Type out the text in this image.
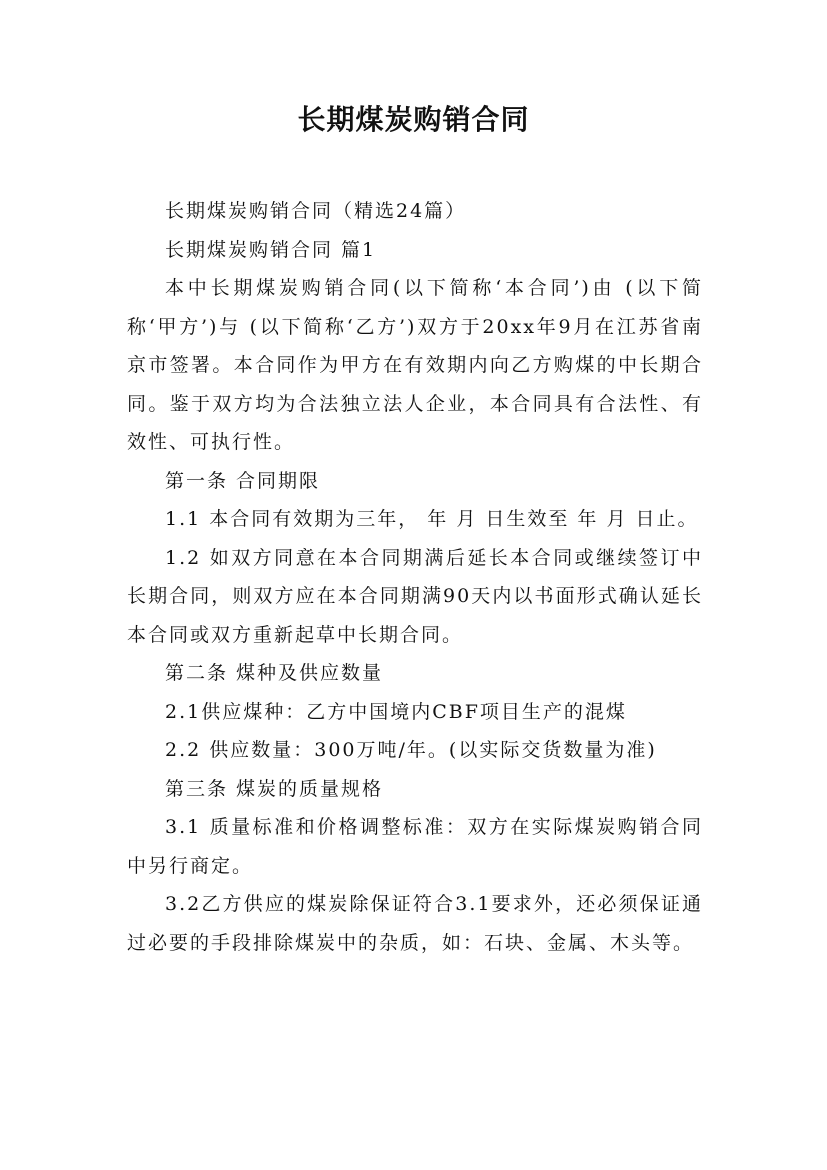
长期煤炭购销合同

长期煤炭购销合同（精选24篇）

长期煤炭购销合同 篇1

本中长期煤炭购销合同(以下简称‘本合同’)由 (以下简称‘甲方’)与 (以下简称‘乙方’)双方于20xx年9月在江苏省南京市签署。本合同作为甲方在有效期内向乙方购煤的中长期合同。鉴于双方均为合法独立法人企业，本合同具有合法性、有效性、可执行性。

第一条 合同期限

1.1 本合同有效期为三年， 年 月 日生效至 年 月 日止。

1.2 如双方同意在本合同期满后延长本合同或继续签订中长期合同，则双方应在本合同期满90天内以书面形式确认延长本合同或双方重新起草中长期合同。

第二条 煤种及供应数量

2.1供应煤种：乙方中国境内CBF项目生产的混煤

2.2 供应数量：300万吨/年。(以实际交货数量为准)

第三条 煤炭的质量规格

3.1 质量标准和价格调整标准：双方在实际煤炭购销合同中另行商定。

3.2乙方供应的煤炭除保证符合3.1要求外，还必须保证通过必要的手段排除煤炭中的杂质，如：石块、金属、木头等。
